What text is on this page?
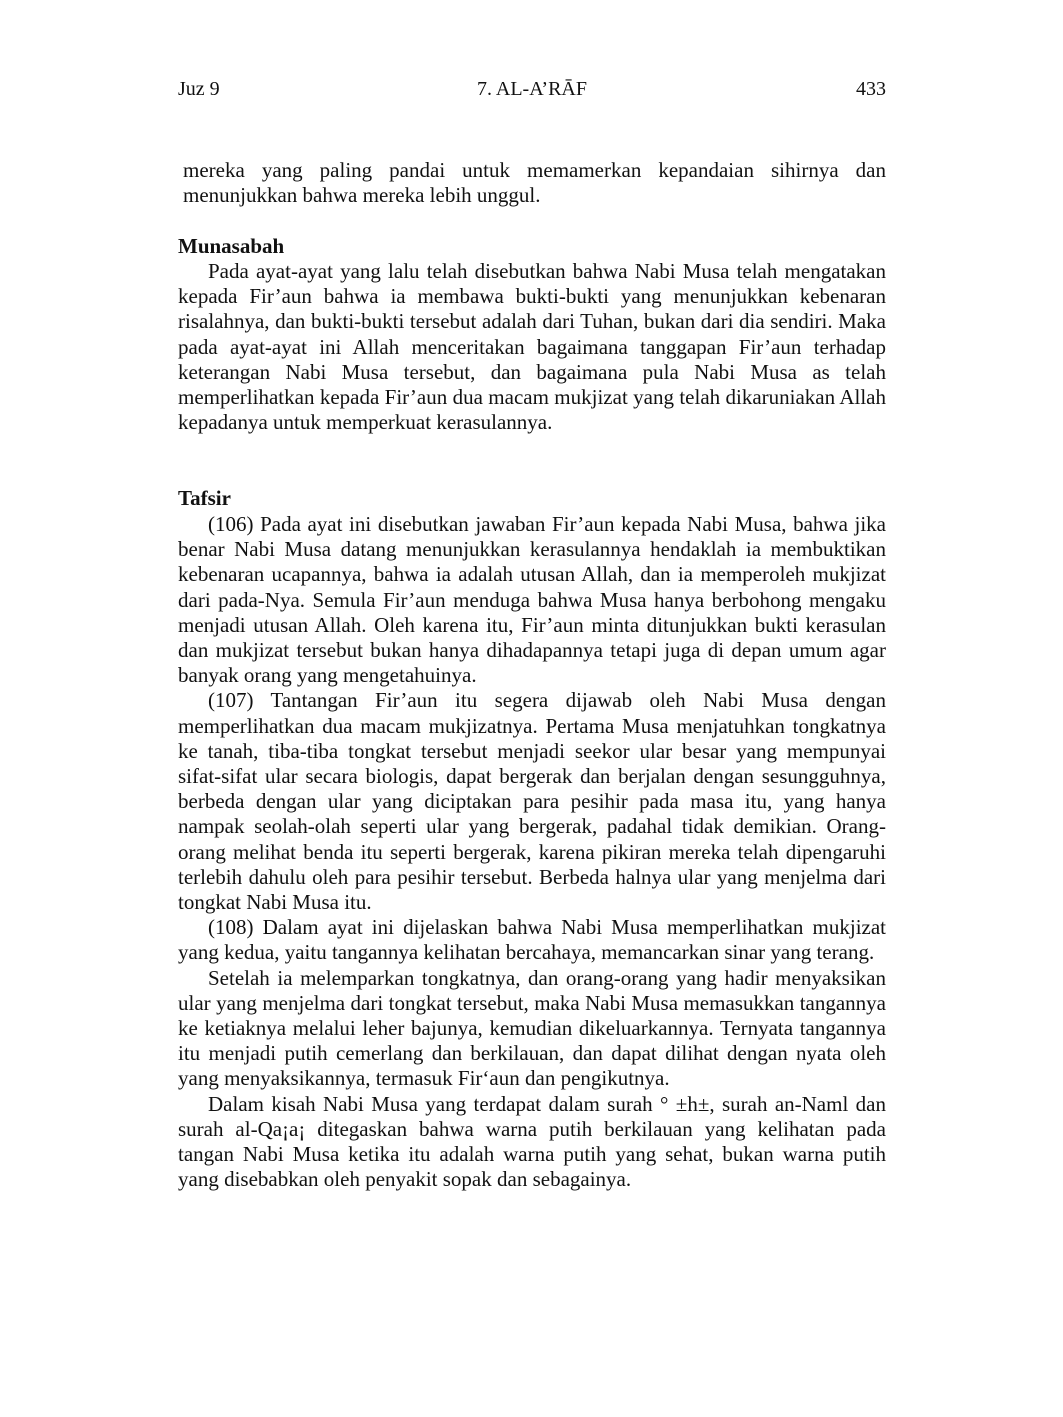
Juz 9	7. AL-A’RĀF	433

mereka yang paling pandai untuk memamerkan kepandaian sihirnya dan menunjukkan bahwa mereka lebih unggul.

Munasabah

Pada ayat-ayat yang lalu telah disebutkan bahwa Nabi Musa telah mengatakan kepada Fir’aun bahwa ia membawa bukti-bukti yang menunjukkan kebenaran risalahnya, dan bukti-bukti tersebut adalah dari Tuhan, bukan dari dia sendiri. Maka pada ayat-ayat ini Allah menceritakan bagaimana tanggapan Fir’aun terhadap keterangan Nabi Musa tersebut, dan bagaimana pula Nabi Musa as telah memperlihatkan kepada Fir’aun dua macam mukjizat yang telah dikaruniakan Allah kepadanya untuk memperkuat kerasulannya.

Tafsir

(106) Pada ayat ini disebutkan jawaban Fir’aun kepada Nabi Musa, bahwa jika benar Nabi Musa datang menunjukkan kerasulannya hendaklah ia membuktikan kebenaran ucapannya, bahwa ia adalah utusan Allah, dan ia memperoleh mukjizat dari pada-Nya. Semula Fir’aun menduga bahwa Musa hanya berbohong mengaku menjadi utusan Allah. Oleh karena itu, Fir’aun minta ditunjukkan bukti kerasulan dan mukjizat tersebut bukan hanya dihadapannya tetapi juga di depan umum agar banyak orang yang mengetahuinya.

(107) Tantangan Fir’aun itu segera dijawab oleh Nabi Musa dengan memperlihatkan dua macam mukjizatnya. Pertama Musa menjatuhkan tongkatnya ke tanah, tiba-tiba tongkat tersebut menjadi seekor ular besar yang mempunyai sifat-sifat ular secara biologis, dapat bergerak dan berjalan dengan sesungguhnya, berbeda dengan ular yang diciptakan para pesihir pada masa itu, yang hanya nampak seolah-olah seperti ular yang bergerak, padahal tidak demikian. Orang-orang melihat benda itu seperti bergerak, karena pikiran mereka telah dipengaruhi terlebih dahulu oleh para pesihir tersebut. Berbeda halnya ular yang menjelma dari tongkat Nabi Musa itu.

(108) Dalam ayat ini dijelaskan bahwa Nabi Musa memperlihatkan mukjizat yang kedua, yaitu tangannya kelihatan bercahaya, memancarkan sinar yang terang.

Setelah ia melemparkan tongkatnya, dan orang-orang yang hadir menyaksikan ular yang menjelma dari tongkat tersebut, maka Nabi Musa memasukkan tangannya ke ketiaknya melalui leher bajunya, kemudian dikeluarkannya. Ternyata tangannya itu menjadi putih cemerlang dan berkilauan, dan dapat dilihat dengan nyata oleh yang menyaksikannya, termasuk Fir‘aun dan pengikutnya.

Dalam kisah Nabi Musa yang terdapat dalam surah ° ±h±, surah an-Naml dan surah al-Qa¡a¡ ditegaskan bahwa warna putih berkilauan yang kelihatan pada tangan Nabi Musa ketika itu adalah warna putih yang sehat, bukan warna putih yang disebabkan oleh penyakit sopak dan sebagainya.
